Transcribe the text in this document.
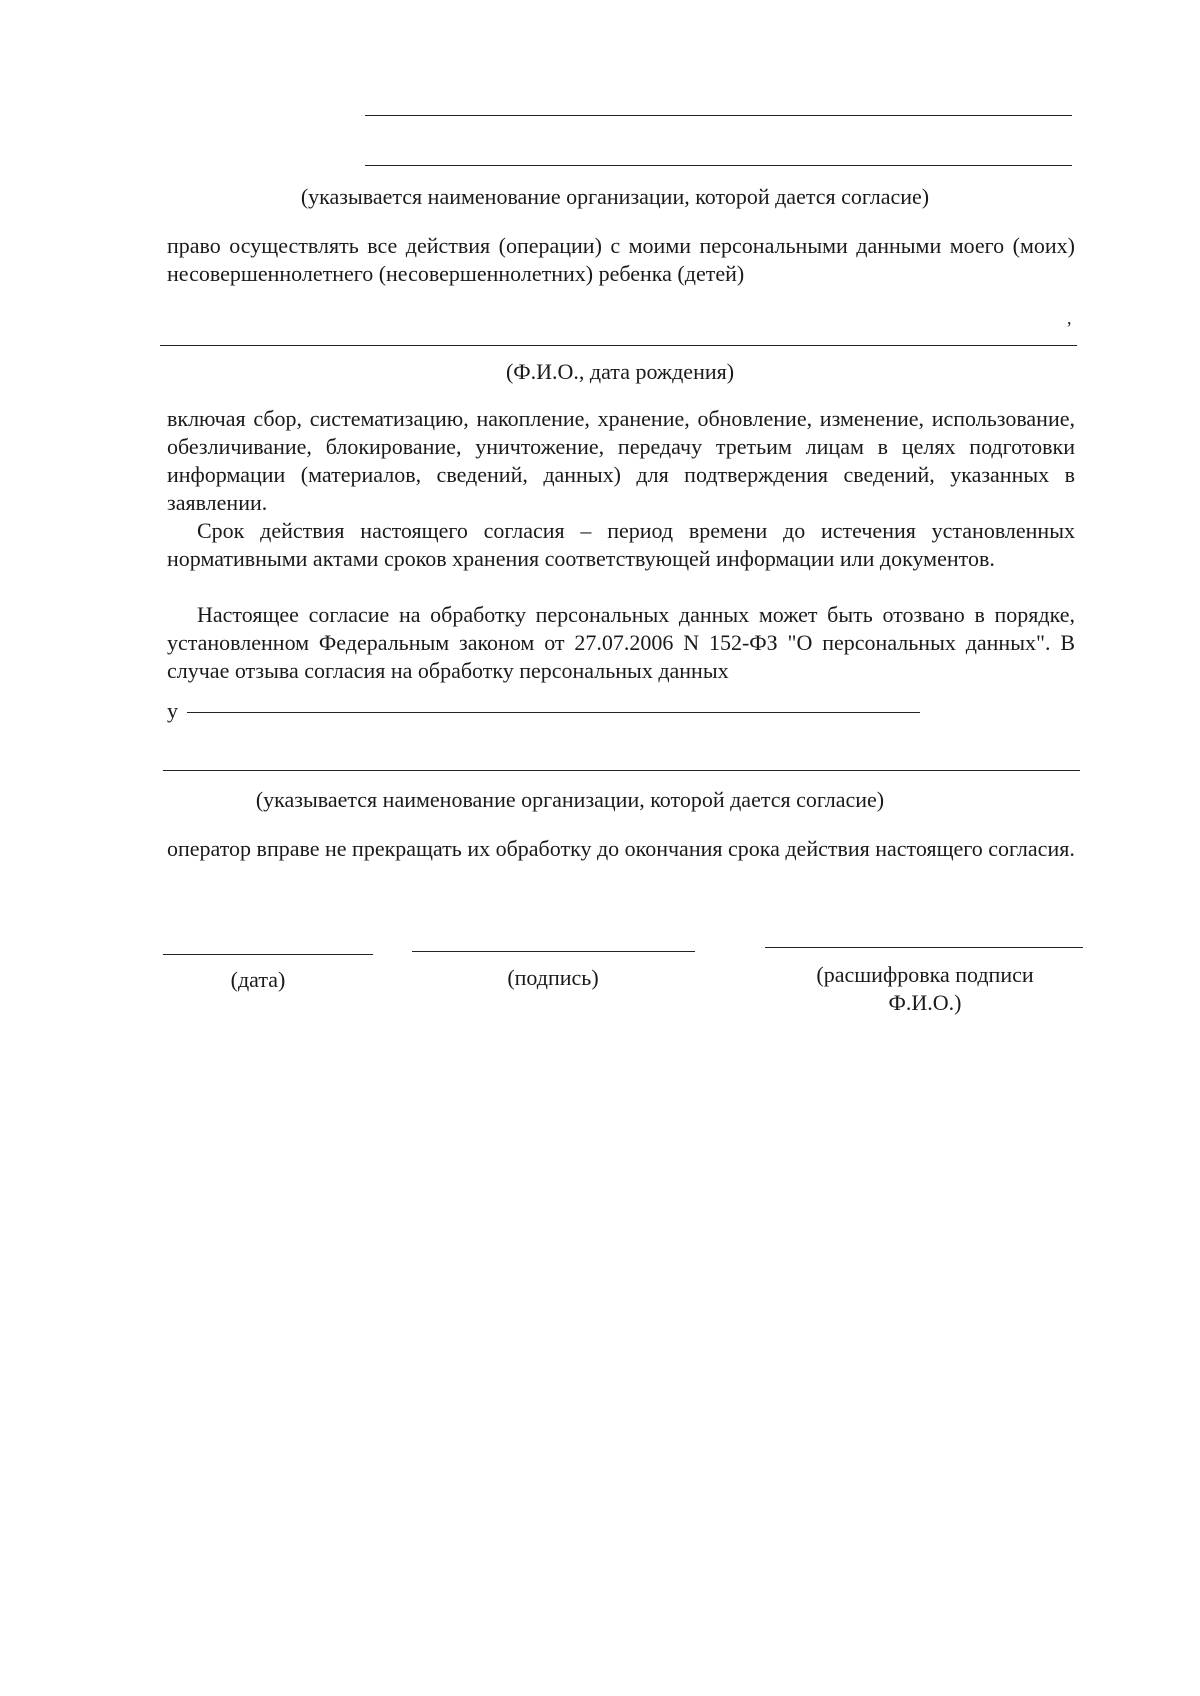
(указывается наименование организации, которой дается согласие)
право осуществлять все действия (операции) с моими персональными данными моего (моих) несовершеннолетнего (несовершеннолетних) ребенка (детей)
,
(Ф.И.О., дата рождения)
включая сбор, систематизацию, накопление, хранение, обновление, изменение, использование, обезличивание, блокирование, уничтожение, передачу третьим лицам в целях подготовки информации (материалов, сведений, данных) для подтверждения сведений, указанных в заявлении.
Срок действия настоящего согласия – период времени до истечения установленных нормативными актами сроков хранения соответствующей информации или документов.
Настоящее согласие на обработку персональных данных может быть отозвано в порядке, установленном Федеральным законом от 27.07.2006 N 152-ФЗ "О персональных данных". В случае отзыва согласия на обработку персональных данных
у
(указывается наименование организации, которой дается согласие)
оператор вправе не прекращать их обработку до окончания срока действия настоящего согласия.
(дата)	(подпись)	(расшифровка подписи
Ф.И.О.)
